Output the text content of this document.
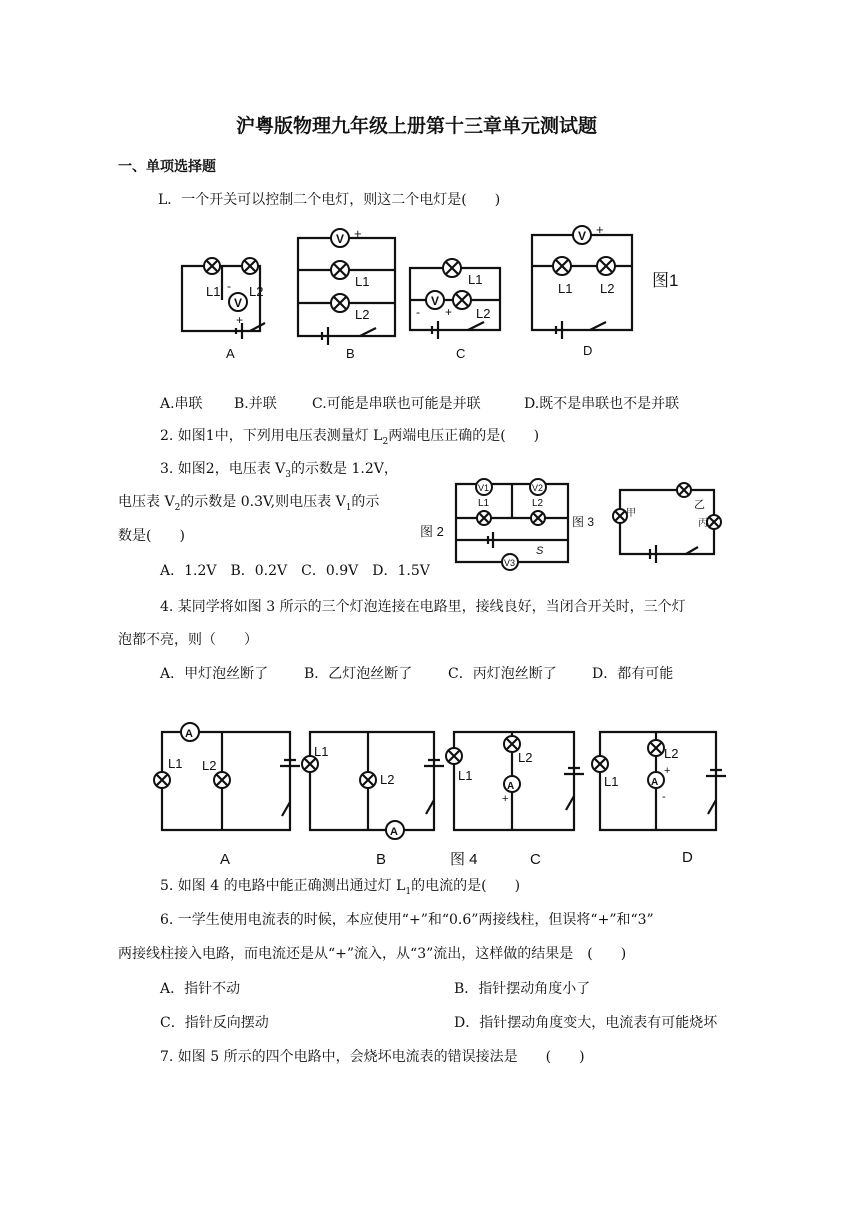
沪粤版物理九年级上册第十三章单元测试题
一、单项选择题
L．一个开关可以控制二个电灯，则这二个电灯是(　　)
V
L1 L2
+
-
A
V
- +
L1
L2
B
V
- +
L1
L2
C
V +
L1 L2
D
图1
A.串联 B.并联	C.可能是串联也可能是并联	D.既不是串联也不是并联
2. 如图1中，下列用电压表测量灯 $L_2$两端电压正确的是(　　)
3. 如图2，电压表 $V_3$的示数是 1.2V，
电压表 $V_2$的示数是 0.3V,则电压表 $V_1$的示
数是(　　)
A．1.2V　B．0.2V　C．0.9V　D．1.5V
图 2
V1	V2
L1	L2
S
V3
图 3
乙
甲
丙
4. 某同学将如图 3 所示的三个灯泡连接在电路里，接线良好，当闭合开关时，三个灯
泡都不亮，则（　　）
A．甲灯泡丝断了	B．乙灯泡丝断了	C．丙灯泡丝断了	D．都有可能
A
L1 L2
A
L1
L2
A
B	图 4
L1
L2
A
+
C
L1
L2
A
+
-
D
5. 如图 4 的电路中能正确测出通过灯 $L_1$的电流的是(　　)
6. 一学生使用电流表的时候，本应使用“+”和“0.6”两接线柱，但误将“+”和“3”
两接线柱接入电路，而电流还是从“+”流入，从“3”流出，这样做的结果是　(　　)
A．指针不动	B．指针摆动角度小了
C．指针反向摆动	D．指针摆动角度变大，电流表有可能烧坏
7. 如图 5 所示的四个电路中，会烧坏电流表的错误接法是　　(　　)
